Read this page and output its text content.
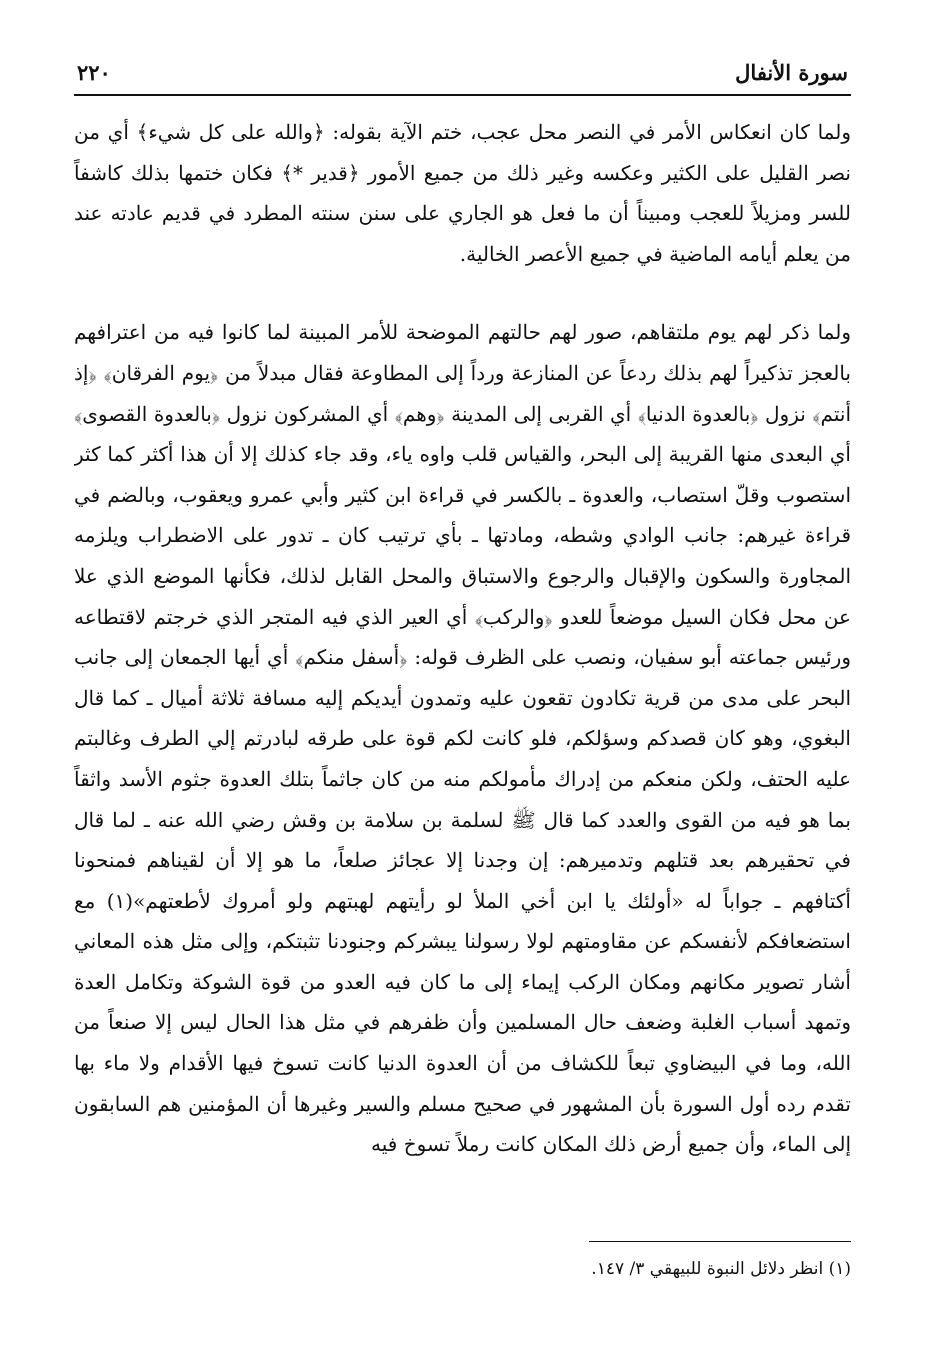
٢٢٠	سورة الأنفال

ولما كان انعكاس الأمر في النصر محل عجب، ختم الآية بقوله: ﴿والله على كل شيء﴾ أي من نصر القليل على الكثير وعكسه وغير ذلك من جميع الأمور ﴿قدير *﴾ فكان ختمها بذلك كاشفاً للسر ومزيلاً للعجب ومبيناً أن ما فعل هو الجاري على سنن سنته المطرد في قديم عادته عند من يعلم أيامه الماضية في جميع الأعصر الخالية.

ولما ذكر لهم يوم ملتقاهم، صور لهم حالتهم الموضحة للأمر المبينة لما كانوا فيه من اعترافهم بالعجز تذكيراً لهم بذلك ردعاً عن المنازعة ورداً إلى المطاوعة فقال مبدلاً من ﴿يوم الفرقان﴾ ﴿إذ أنتم﴾ نزول ﴿بالعدوة الدنيا﴾ أي القربى إلى المدينة ﴿وهم﴾ أي المشركون نزول ﴿بالعدوة القصوى﴾ أي البعدى منها القريبة إلى البحر، والقياس قلب واوه ياء، وقد جاء كذلك إلا أن هذا أكثر كما كثر استصوب وقلّ استصاب، والعدوة ـ بالكسر في قراءة ابن كثير وأبي عمرو ويعقوب، وبالضم في قراءة غيرهم: جانب الوادي وشطه، ومادتها ـ بأي ترتيب كان ـ تدور على الاضطراب ويلزمه المجاورة والسكون والإقبال والرجوع والاستباق والمحل القابل لذلك، فكأنها الموضع الذي علا عن محل فكان السيل موضعاً للعدو ﴿والركب﴾ أي العير الذي فيه المتجر الذي خرجتم لاقتطاعه ورئيس جماعته أبو سفيان، ونصب على الظرف قوله: ﴿أسفل منكم﴾ أي أيها الجمعان إلى جانب البحر على مدى من قرية تكادون تقعون عليه وتمدون أيديكم إليه مسافة ثلاثة أميال ـ كما قال البغوي، وهو كان قصدكم وسؤلكم، فلو كانت لكم قوة على طرقه لبادرتم إلي الطرف وغالبتم عليه الحتف، ولكن منعكم من إدراك مأمولكم منه من كان جاثماً بتلك العدوة جثوم الأسد واثقاً بما هو فيه من القوى والعدد كما قال ﷺ لسلمة بن سلامة بن وقش رضي الله عنه ـ لما قال في تحقيرهم بعد قتلهم وتدميرهم: إن وجدنا إلا عجائز صلعاً، ما هو إلا أن لقيناهم فمنحونا أكتافهم ـ جواباً له «أولئك يا ابن أخي الملأ لو رأيتهم لهبتهم ولو أمروك لأطعتهم»(١) مع استضعافكم لأنفسكم عن مقاومتهم لولا رسولنا يبشركم وجنودنا تثبتكم، وإلى مثل هذه المعاني أشار تصوير مكانهم ومكان الركب إيماء إلى ما كان فيه العدو من قوة الشوكة وتكامل العدة وتمهد أسباب الغلبة وضعف حال المسلمين وأن ظفرهم في مثل هذا الحال ليس إلا صنعاً من الله، وما في البيضاوي تبعاً للكشاف من أن العدوة الدنيا كانت تسوخ فيها الأقدام ولا ماء بها تقدم رده أول السورة بأن المشهور في صحيح مسلم والسير وغيرها أن المؤمنين هم السابقون إلى الماء، وأن جميع أرض ذلك المكان كانت رملاً تسوخ فيه

(١) انظر دلائل النبوة للبيهقي ٣/ ١٤٧.
